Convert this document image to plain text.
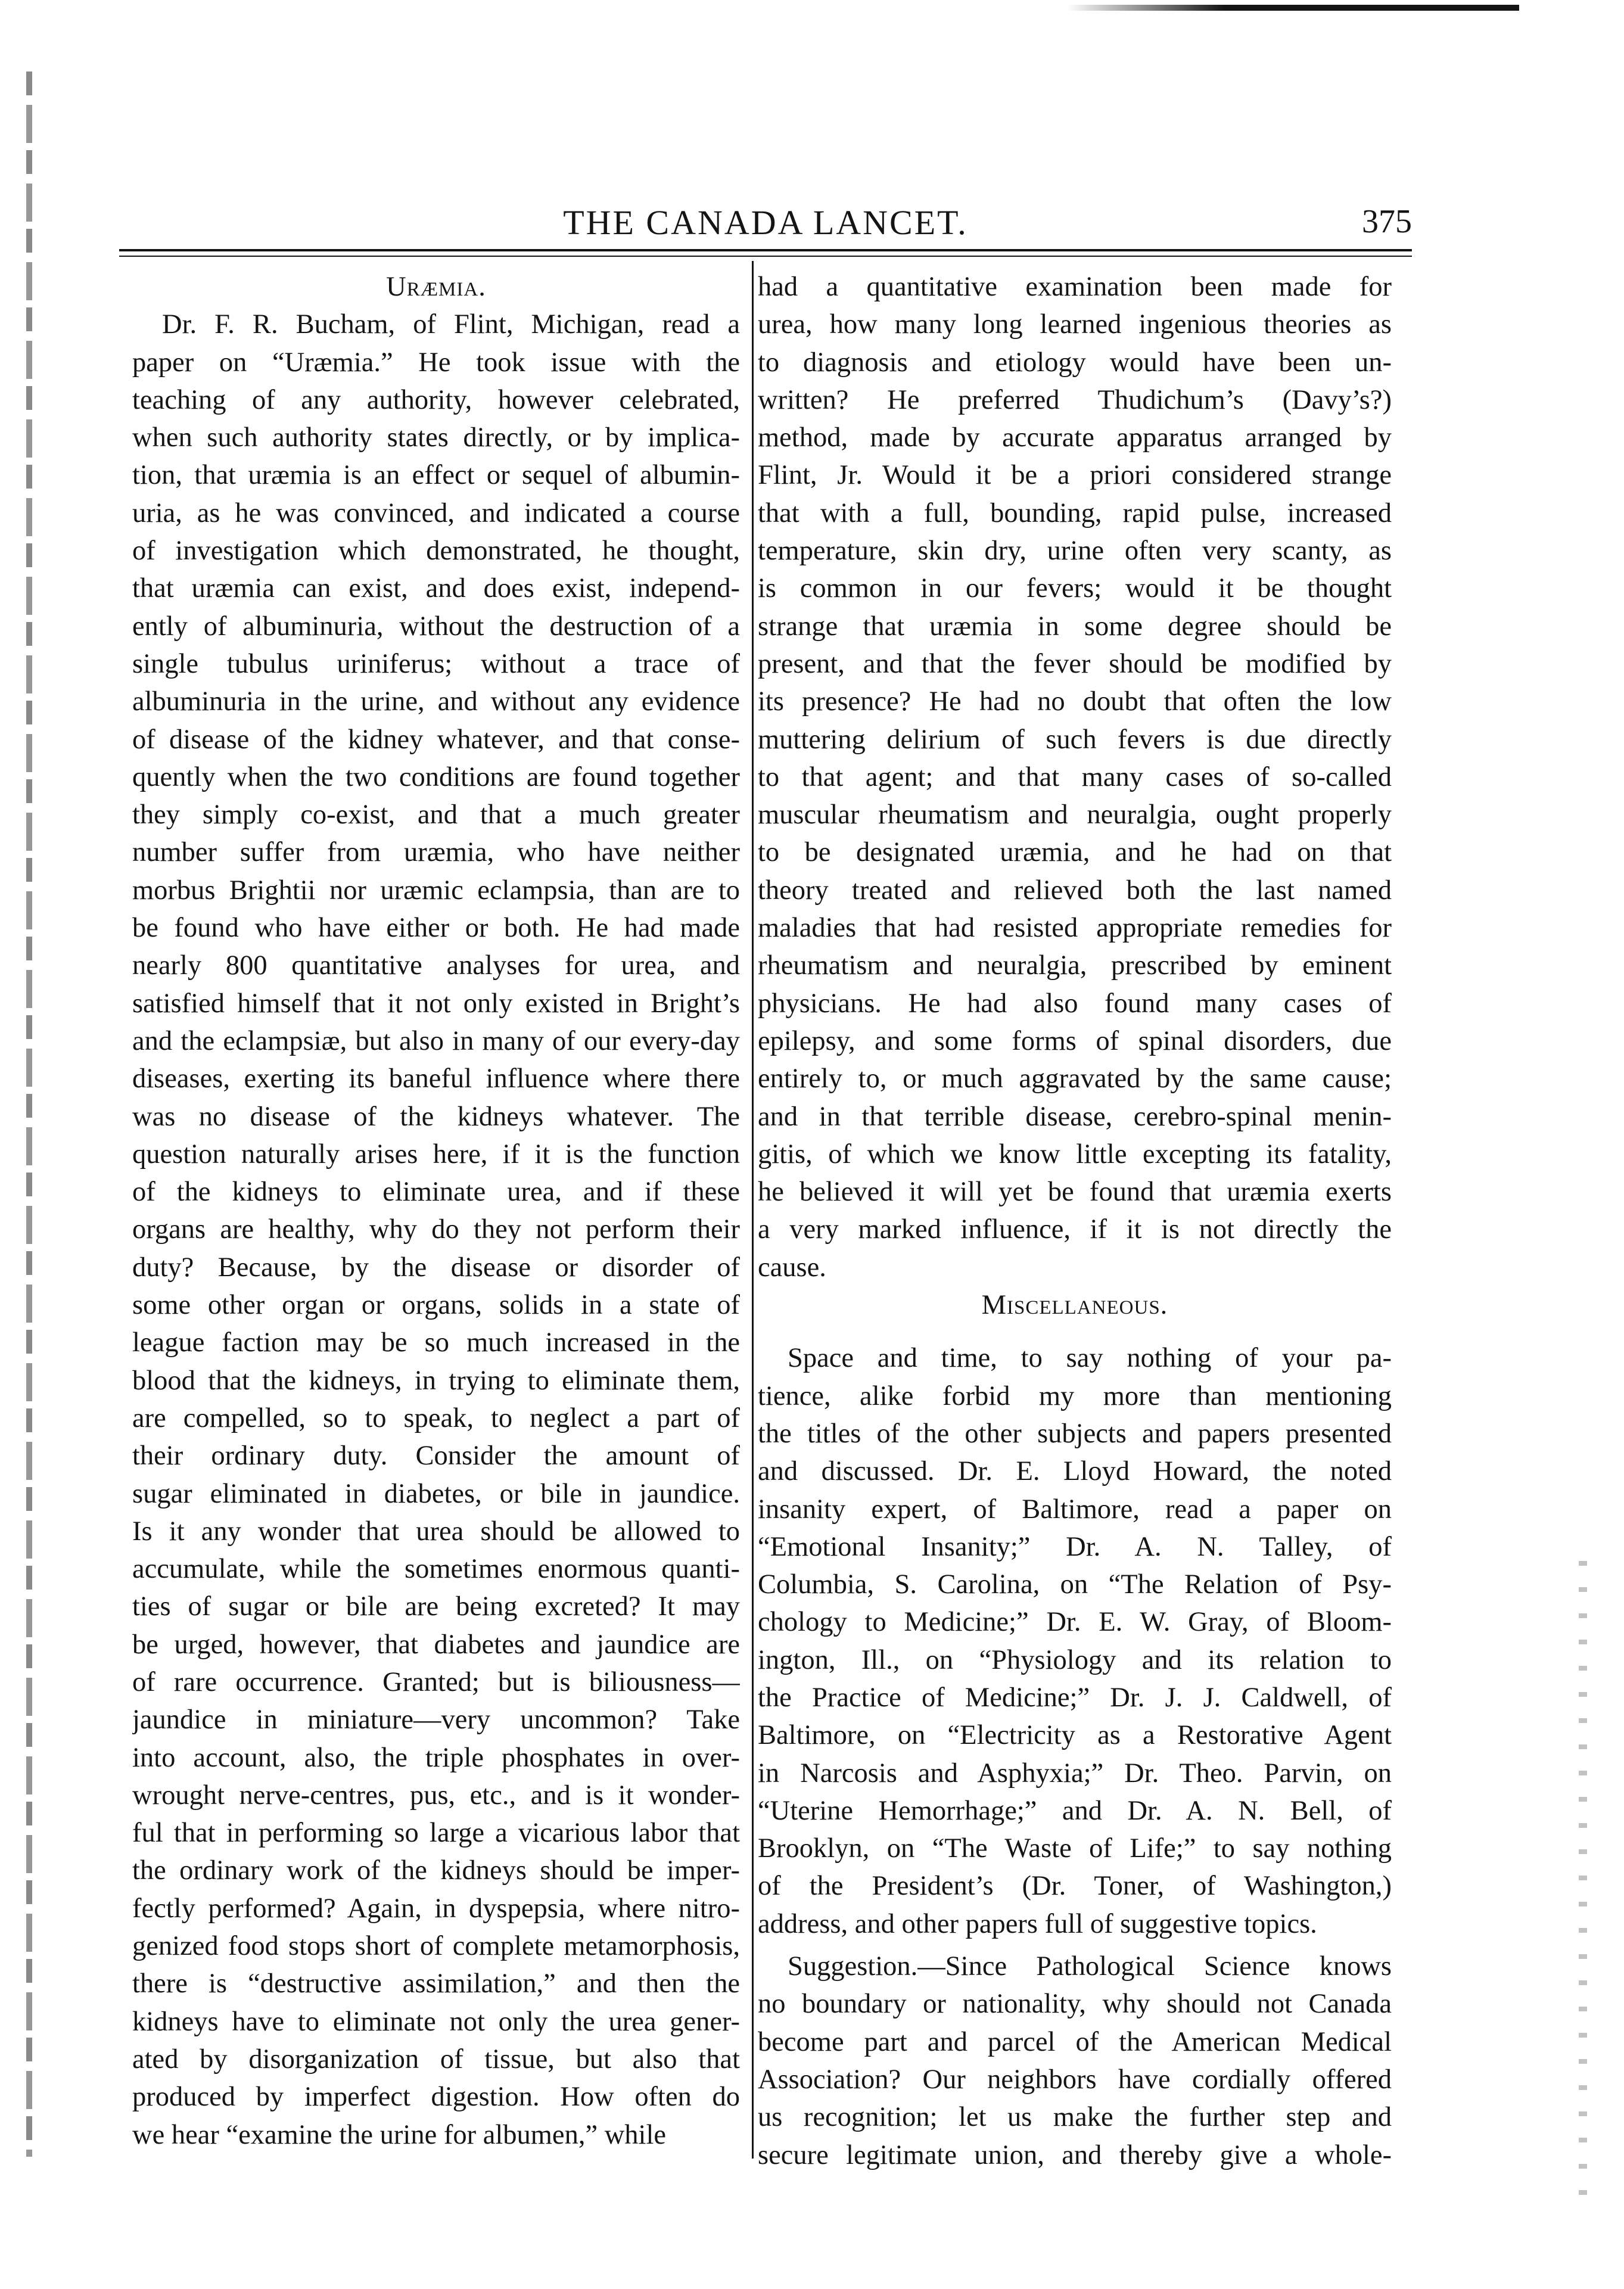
THE CANADA LANCET.	375
Uræmia.
Dr. F. R. Bucham, of Flint, Michigan, read a
paper on “Uræmia.” He took issue with the
teaching of any authority, however celebrated,
when such authority states directly, or by implica-
tion, that uræmia is an effect or sequel of albumin-
uria, as he was convinced, and indicated a course
of investigation which demonstrated, he thought,
that uræmia can exist, and does exist, independ-
ently of albuminuria, without the destruction of a
single tubulus uriniferus; without a trace of
albuminuria in the urine, and without any evidence
of disease of the kidney whatever, and that conse-
quently when the two conditions are found together
they simply co-exist, and that a much greater
number suffer from uræmia, who have neither
morbus Brightii nor uræmic eclampsia, than are to
be found who have either or both. He had made
nearly 800 quantitative analyses for urea, and
satisfied himself that it not only existed in Bright’s
and the eclampsiæ, but also in many of our every-day
diseases, exerting its baneful influence where there
was no disease of the kidneys whatever. The
question naturally arises here, if it is the function
of the kidneys to eliminate urea, and if these
organs are healthy, why do they not perform their
duty? Because, by the disease or disorder of
some other organ or organs, solids in a state of
league faction may be so much increased in the
blood that the kidneys, in trying to eliminate them,
are compelled, so to speak, to neglect a part of
their ordinary duty. Consider the amount of
sugar eliminated in diabetes, or bile in jaundice.
Is it any wonder that urea should be allowed to
accumulate, while the sometimes enormous quanti-
ties of sugar or bile are being excreted? It may
be urged, however, that diabetes and jaundice are
of rare occurrence. Granted; but is biliousness—
jaundice in miniature—very uncommon? Take
into account, also, the triple phosphates in over-
wrought nerve-centres, pus, etc., and is it wonder-
ful that in performing so large a vicarious labor that
the ordinary work of the kidneys should be imper-
fectly performed? Again, in dyspepsia, where nitro-
genized food stops short of complete metamorphosis,
there is “destructive assimilation,” and then the
kidneys have to eliminate not only the urea gener-
ated by disorganization of tissue, but also that
produced by imperfect digestion. How often do
we hear “examine the urine for albumen,” while
had a quantitative examination been made for
urea, how many long learned ingenious theories as
to diagnosis and etiology would have been un-
written? He preferred Thudichum’s (Davy’s?)
method, made by accurate apparatus arranged by
Flint, Jr. Would it be a priori considered strange
that with a full, bounding, rapid pulse, increased
temperature, skin dry, urine often very scanty, as
is common in our fevers; would it be thought
strange that uræmia in some degree should be
present, and that the fever should be modified by
its presence? He had no doubt that often the low
muttering delirium of such fevers is due directly
to that agent; and that many cases of so-called
muscular rheumatism and neuralgia, ought properly
to be designated uræmia, and he had on that
theory treated and relieved both the last named
maladies that had resisted appropriate remedies for
rheumatism and neuralgia, prescribed by eminent
physicians. He had also found many cases of
epilepsy, and some forms of spinal disorders, due
entirely to, or much aggravated by the same cause;
and in that terrible disease, cerebro-spinal menin-
gitis, of which we know little excepting its fatality,
he believed it will yet be found that uræmia exerts
a very marked influence, if it is not directly the
cause.
Miscellaneous.
Space and time, to say nothing of your pa-
tience, alike forbid my more than mentioning
the titles of the other subjects and papers presented
and discussed. Dr. E. Lloyd Howard, the noted
insanity expert, of Baltimore, read a paper on
“Emotional Insanity;” Dr. A. N. Talley, of
Columbia, S. Carolina, on “The Relation of Psy-
chology to Medicine;” Dr. E. W. Gray, of Bloom-
ington, Ill., on “Physiology and its relation to
the Practice of Medicine;” Dr. J. J. Caldwell, of
Baltimore, on “Electricity as a Restorative Agent
in Narcosis and Asphyxia;” Dr. Theo. Parvin, on
“Uterine Hemorrhage;” and Dr. A. N. Bell, of
Brooklyn, on “The Waste of Life;” to say nothing
of the President’s (Dr. Toner, of Washington,)
address, and other papers full of suggestive topics.
Suggestion.—Since Pathological Science knows
no boundary or nationality, why should not Canada
become part and parcel of the American Medical
Association? Our neighbors have cordially offered
us recognition; let us make the further step and
secure legitimate union, and thereby give a whole-
